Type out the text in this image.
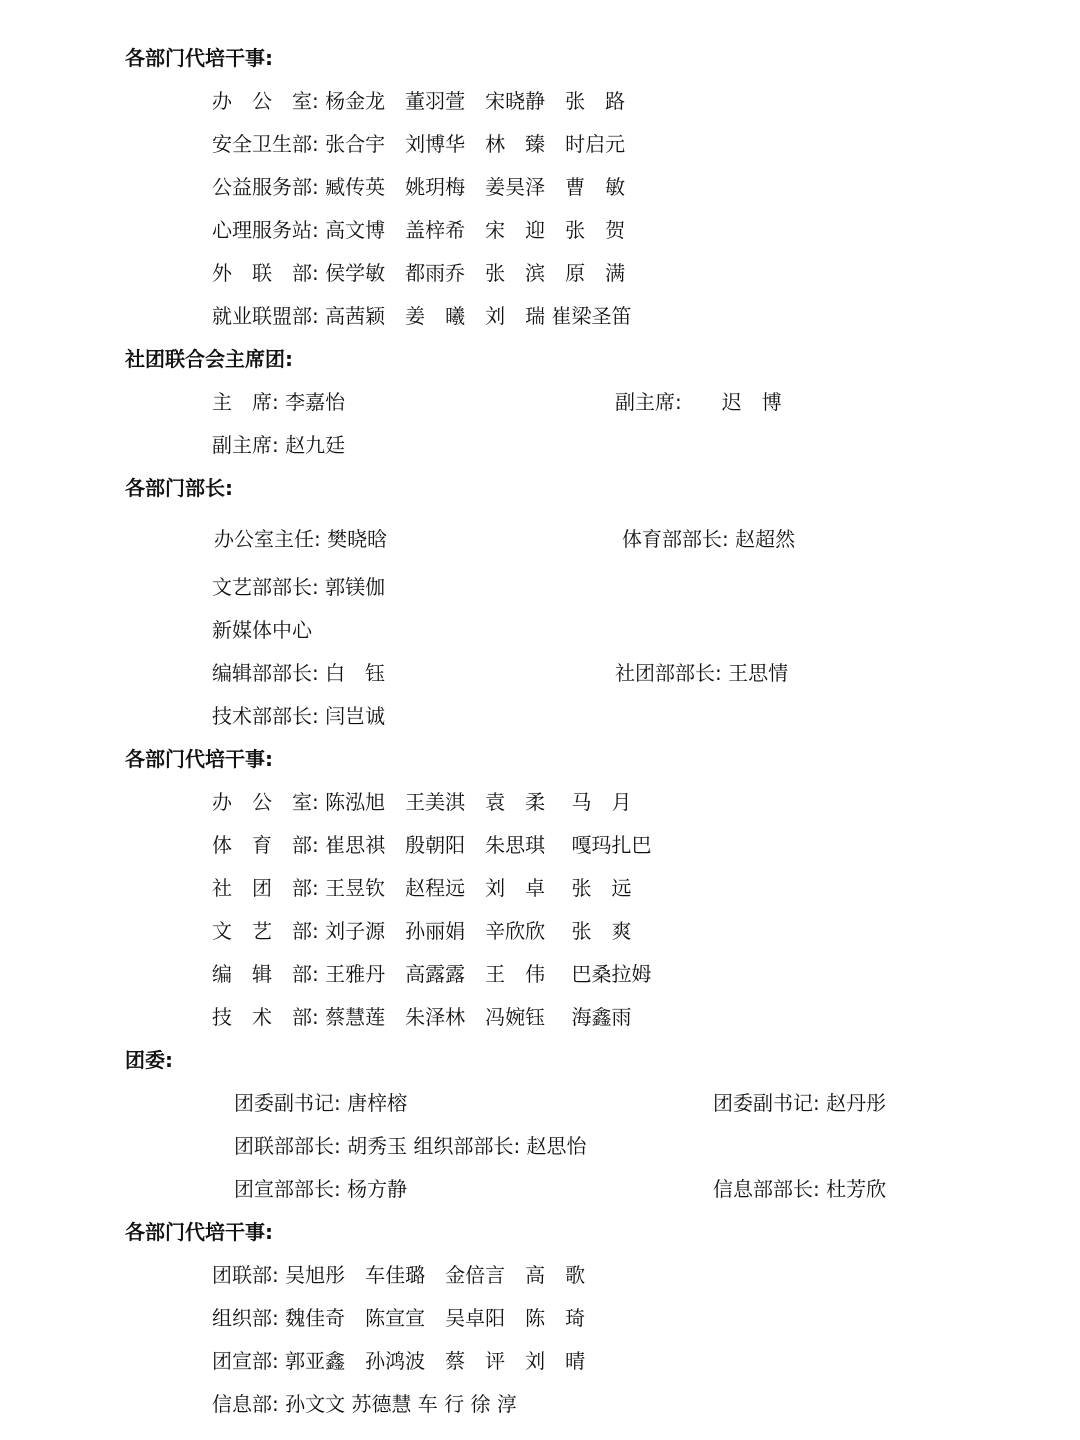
各部门代培干事:
办　公　室: 杨金龙　董羽萱　宋晓静　张　路
安全卫生部: 张合宇　刘博华　林　臻　时启元
公益服务部: 臧传英　姚玥梅　姜昊泽　曹　敏
心理服务站: 高文博　盖梓希　宋　迎　张　贺
外　联　部: 侯学敏　都雨乔　张　滨　原　满
就业联盟部: 高茜颖　姜　曦　刘　瑞 崔梁圣笛
社团联合会主席团:
主　席: 李嘉怡	副主席:　　迟　博
副主席: 赵九廷
各部门部长:
办公室主任: 樊晓晗	体育部部长: 赵超然
文艺部部长: 郭镁伽
新媒体中心
编辑部部长: 白　钰	社团部部长: 王思情
技术部部长: 闫岂诚
各部门代培干事:
办　公　室: 陈泓旭　王美淇　袁　柔　 马　月
体　育　部: 崔思祺　殷朝阳　朱思琪　 嘎玛扎巴
社　团　部: 王昱钦　赵程远　刘　卓　 张　远
文　艺　部: 刘子源　孙丽娟　辛欣欣　 张　爽
编　辑　部: 王雅丹　高露露　王　伟　 巴桑拉姆
技　术　部: 蔡慧莲　朱泽林　冯婉钰　 海鑫雨
团委:
团委副书记: 唐梓榕	团委副书记: 赵丹彤
团联部部长: 胡秀玉 组织部部长: 赵思怡
团宣部部长: 杨方静	信息部部长: 杜芳欣
各部门代培干事:
团联部: 吴旭彤　车佳璐　金倍言　高　歌
组织部: 魏佳奇　陈宣宣　吴卓阳　陈　琦
团宣部: 郭亚鑫　孙鸿波　蔡　评　刘　晴
信息部: 孙文文 苏德慧 车 行 徐 淳
